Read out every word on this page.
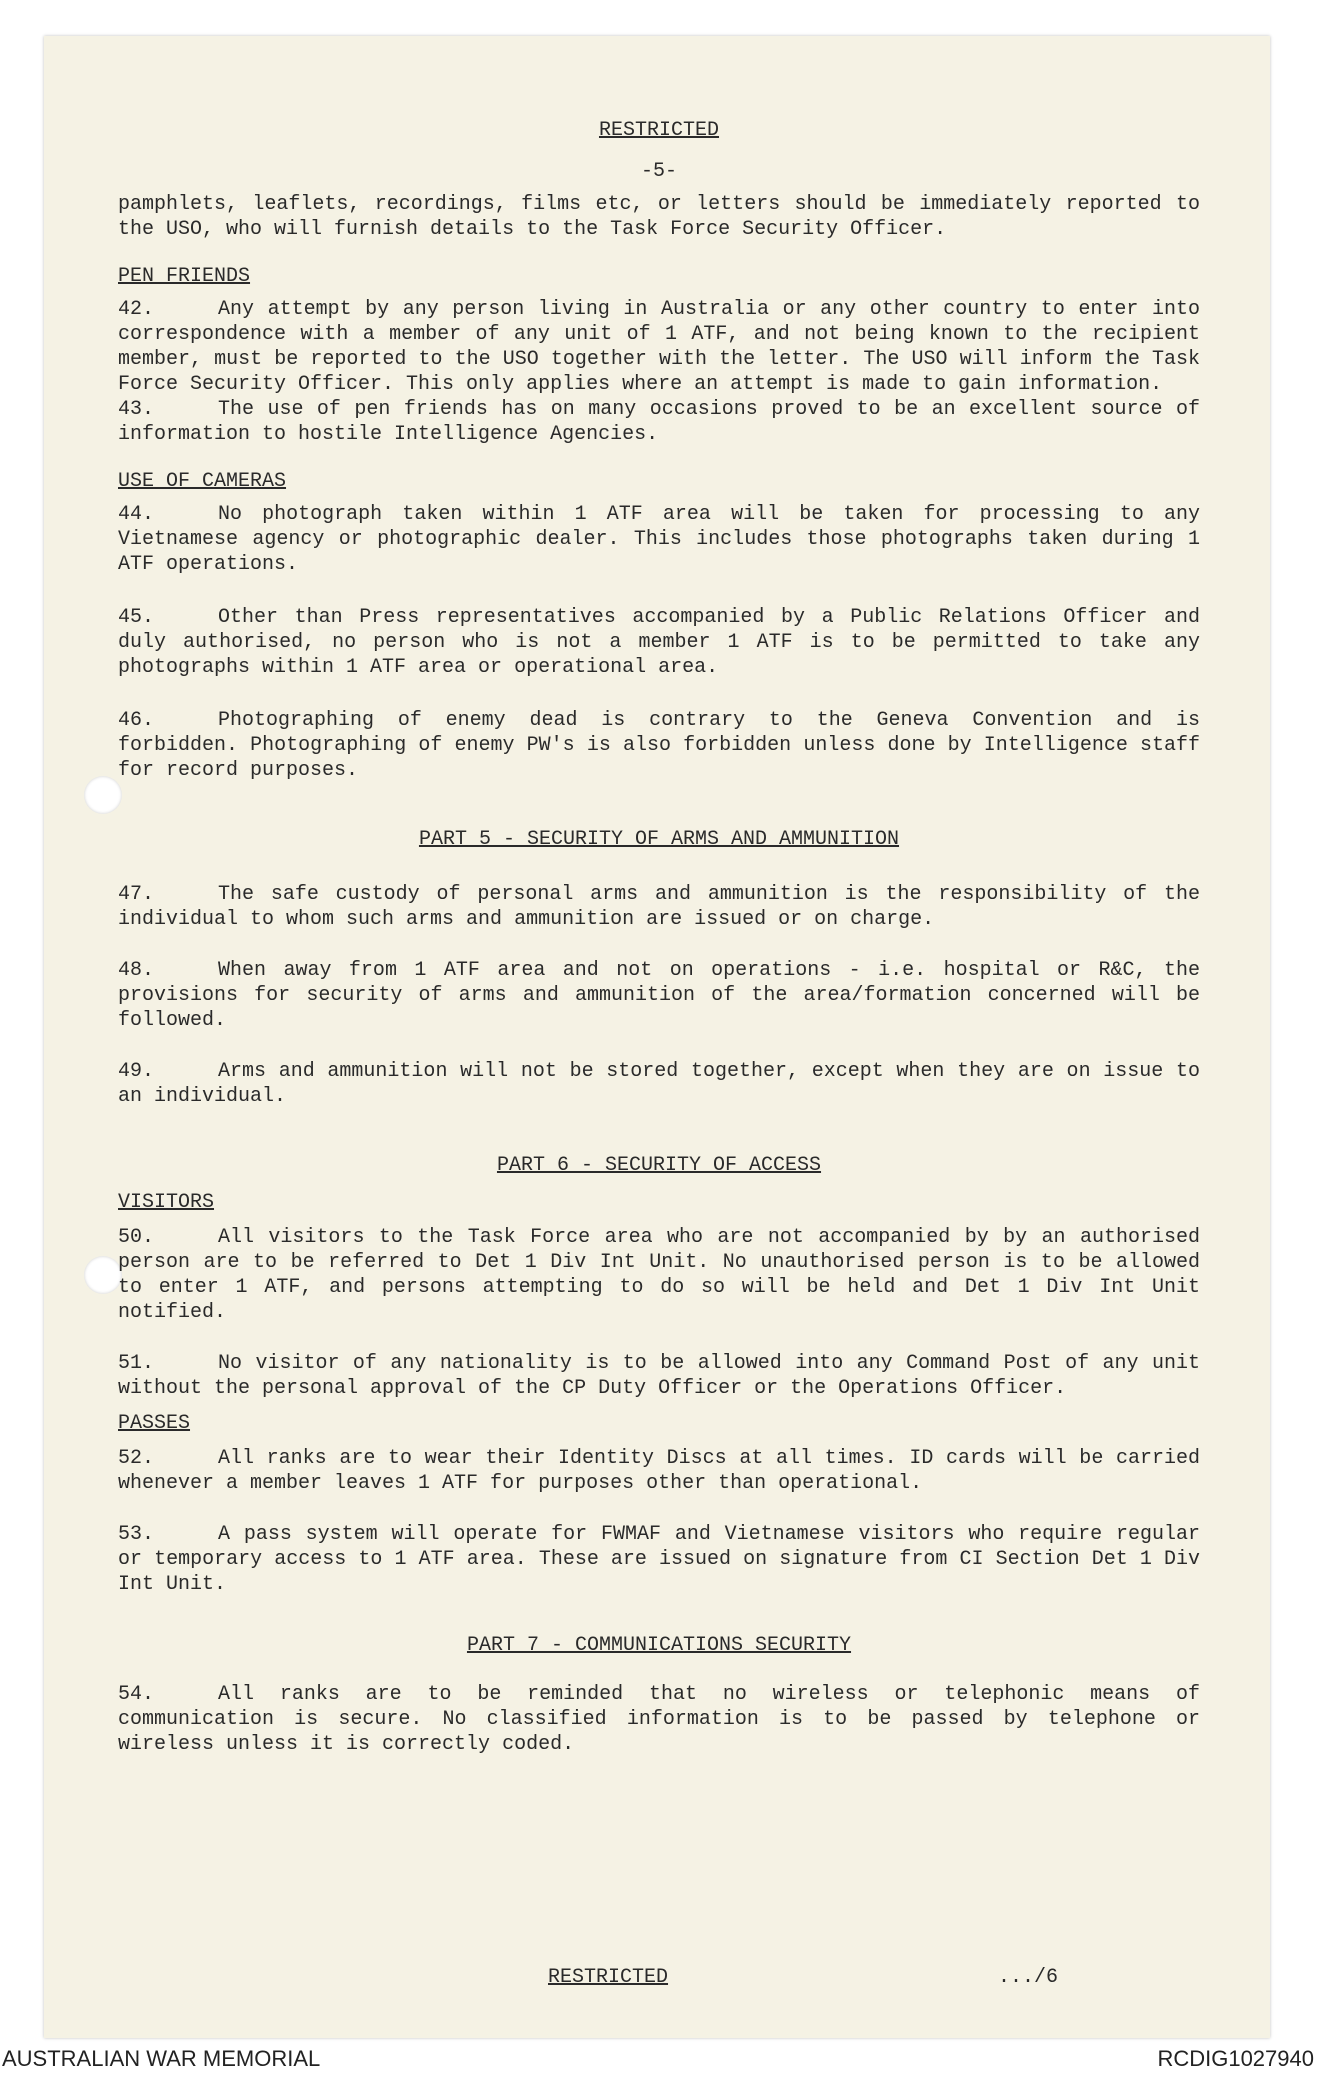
RESTRICTED
-5-

pamphlets, leaflets, recordings, films etc, or letters should be immediately reported to the USO, who will furnish details to the Task Force Security Officer.

PEN FRIENDS

42.	Any attempt by any person living in Australia or any other country to enter into correspondence with a member of any unit of 1 ATF, and not being known to the recipient member, must be reported to the USO together with the letter. The USO will inform the Task Force Security Officer. This only applies where an attempt is made to gain information.

43.	The use of pen friends has on many occasions proved to be an excellent source of information to hostile Intelligence Agencies.

USE OF CAMERAS

44.	No photograph taken within 1 ATF area will be taken for processing to any Vietnamese agency or photographic dealer. This includes those photographs taken during 1 ATF operations.

45.	Other than Press representatives accompanied by a Public Relations Officer and duly authorised, no person who is not a member 1 ATF is to be permitted to take any photographs within 1 ATF area or operational area.

46.	Photographing of enemy dead is contrary to the Geneva Convention and is forbidden. Photographing of enemy PW's is also forbidden unless done by Intelligence staff for record purposes.

PART 5 - SECURITY OF ARMS AND AMMUNITION

47.	The safe custody of personal arms and ammunition is the responsibility of the individual to whom such arms and ammunition are issued or on charge.

48.	When away from 1 ATF area and not on operations - i.e. hospital or R&C, the provisions for security of arms and ammunition of the area/formation concerned will be followed.

49.	Arms and ammunition will not be stored together, except when they are on issue to an individual.

PART 6 - SECURITY OF ACCESS
VISITORS

50.	All visitors to the Task Force area who are not accompanied by by an authorised person are to be referred to Det 1 Div Int Unit. No unauthorised person is to be allowed to enter 1 ATF, and persons attempting to do so will be held and Det 1 Div Int Unit notified.

51.	No visitor of any nationality is to be allowed into any Command Post of any unit without the personal approval of the CP Duty Officer or the Operations Officer.

PASSES

52.	All ranks are to wear their Identity Discs at all times. ID cards will be carried whenever a member leaves 1 ATF for purposes other than operational.

53.	A pass system will operate for FWMAF and Vietnamese visitors who require regular or temporary access to 1 ATF area. These are issued on signature from CI Section Det 1 Div Int Unit.

PART 7 - COMMUNICATIONS SECURITY

54.	All ranks are to be reminded that no wireless or telephonic means of communication is secure. No classified information is to be passed by telephone or wireless unless it is correctly coded.

RESTRICTED	.../6
AUSTRALIAN WAR MEMORIAL	RCDIG1027940
